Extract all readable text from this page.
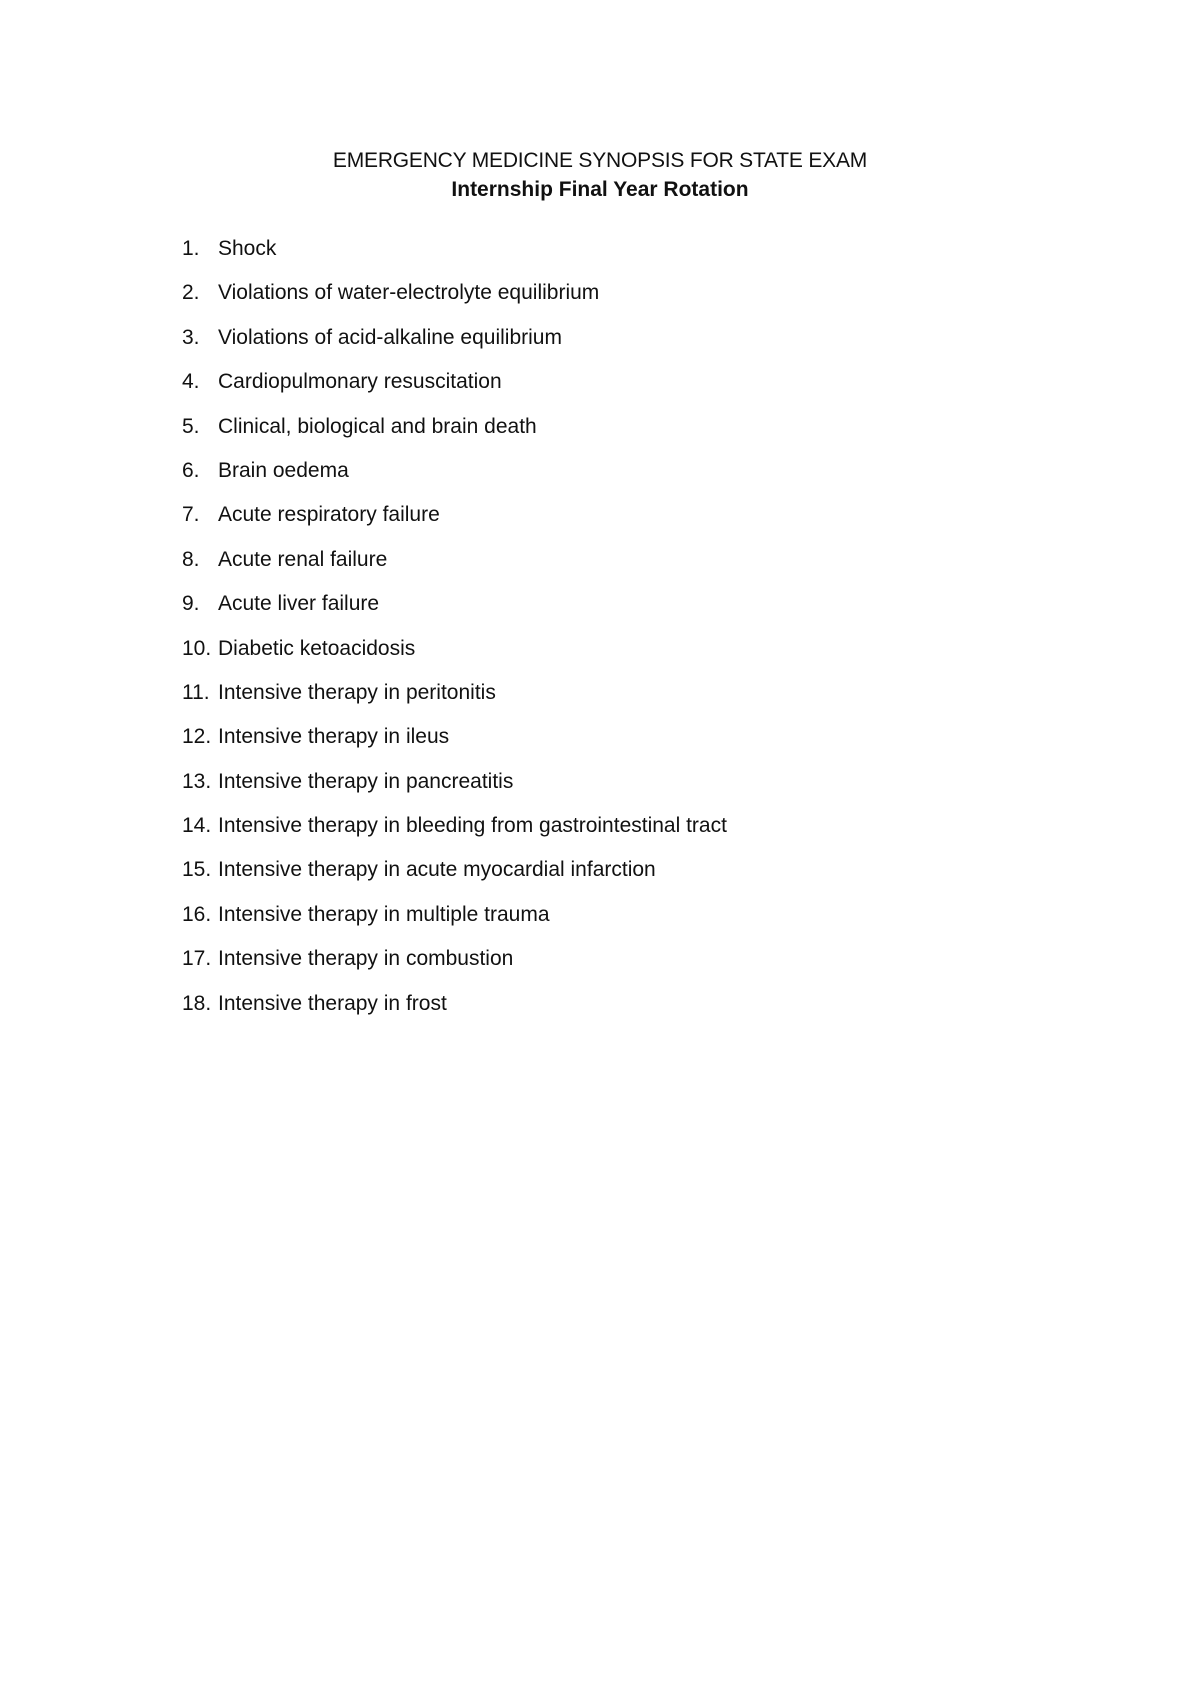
EMERGENCY MEDICINE SYNOPSIS FOR STATE EXAM
Internship Final Year Rotation
1. Shock
2. Violations of water-electrolyte equilibrium
3. Violations of acid-alkaline equilibrium
4. Cardiopulmonary resuscitation
5. Clinical, biological and brain death
6. Brain oedema
7. Acute respiratory failure
8. Acute renal failure
9. Acute liver failure
10. Diabetic ketoacidosis
11. Intensive therapy in peritonitis
12. Intensive therapy in ileus
13. Intensive therapy in pancreatitis
14. Intensive therapy in bleeding from gastrointestinal tract
15. Intensive therapy in acute myocardial infarction
16. Intensive therapy in multiple trauma
17. Intensive therapy in combustion
18. Intensive therapy in frost
